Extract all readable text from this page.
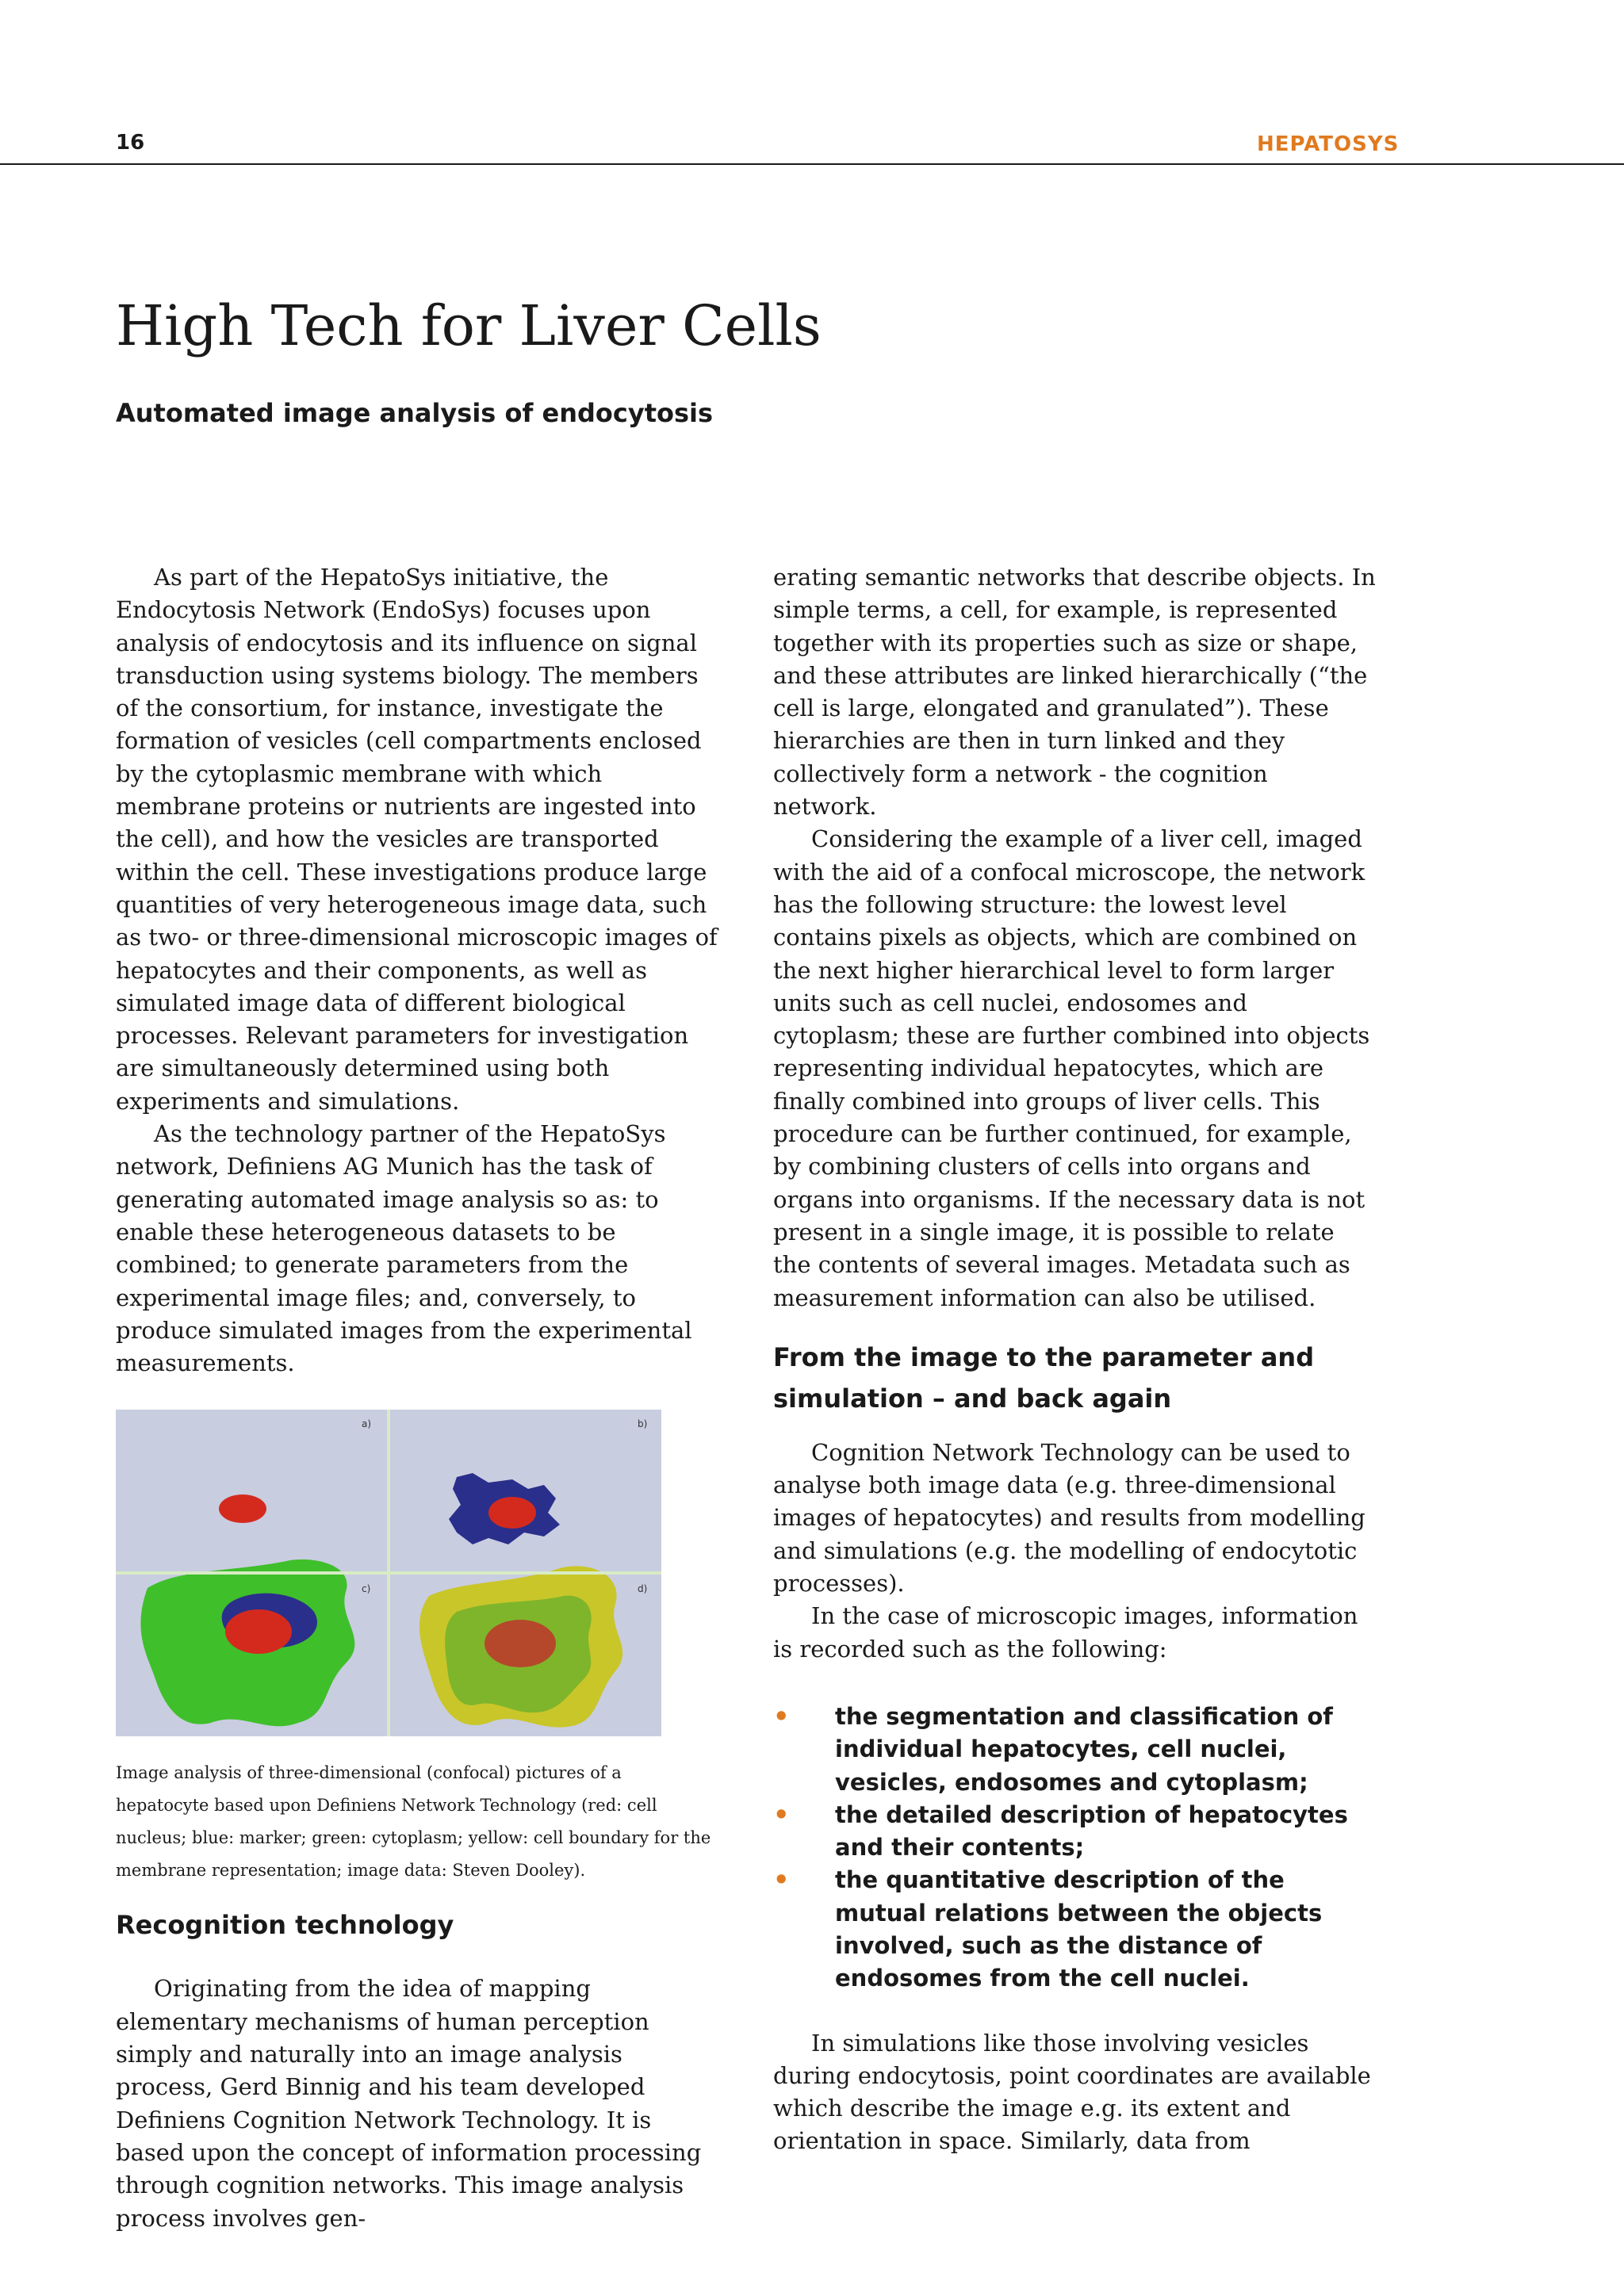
16	HEPATOSYS
High Tech for Liver Cells
Automated image analysis of endocytosis

As part of the HepatoSys initiative, the Endocytosis Network (EndoSys) focuses upon analysis of endocytosis and its influence on signal transduction using systems biology. The members of the consortium, for instance, investigate the formation of vesicles (cell compartments enclosed by the cytoplasmic membrane with which membrane proteins or nutrients are ingested into the cell), and how the vesicles are transported within the cell. These investigations produce large quantities of very heterogeneous image data, such as two- or three-dimensional microscopic images of hepatocytes and their components, as well as simulated image data of different biological processes. Relevant parameters for investigation are simultaneously determined using both experiments and simulations.

As the technology partner of the HepatoSys network, Definiens AG Munich has the task of generating automated image analysis so as: to enable these heterogeneous datasets to be combined; to generate parameters from the experimental image files; and, conversely, to produce simulated images from the experimental measurements.

a)	b)
c)	d)

Image analysis of three-dimensional (confocal) pictures of a hepatocyte based upon Definiens Network Technology (red: cell nucleus; blue: marker; green: cytoplasm; yellow: cell boundary for the membrane representation; image data: Steven Dooley).

Recognition technology

Originating from the idea of mapping elementary mechanisms of human perception simply and naturally into an image analysis process, Gerd Binnig and his team developed Definiens Cognition Network Technology. It is based upon the concept of information processing through cognition networks. This image analysis process involves gen-

erating semantic networks that describe objects. In simple terms, a cell, for example, is represented together with its properties such as size or shape, and these attributes are linked hierarchically (“the cell is large, elongated and granulated”). These hierarchies are then in turn linked and they collectively form a network - the cognition network.

Considering the example of a liver cell, imaged with the aid of a confocal microscope, the network has the following structure: the lowest level contains pixels as objects, which are combined on the next higher hierarchical level to form larger units such as cell nuclei, endosomes and cytoplasm; these are further combined into objects representing individual hepatocytes, which are finally combined into groups of liver cells. This procedure can be further continued, for example, by combining clusters of cells into organs and organs into organisms. If the necessary data is not present in a single image, it is possible to relate the contents of several images. Metadata such as measurement information can also be utilised.

From the image to the parameter and simulation – and back again

Cognition Network Technology can be used to analyse both image data (e.g. three-dimensional images of hepatocytes) and results from modelling and simulations (e.g. the modelling of endocytotic processes).

In the case of microscopic images, information is recorded such as the following:

• the segmentation and classification of individual hepatocytes, cell nuclei, vesicles, endosomes and cytoplasm;
• the detailed description of hepatocytes and their contents;
• the quantitative description of the mutual relations between the objects involved, such as the distance of endosomes from the cell nuclei.

In simulations like those involving vesicles during endocytosis, point coordinates are available which describe the image e.g. its extent and orientation in space. Similarly, data from
